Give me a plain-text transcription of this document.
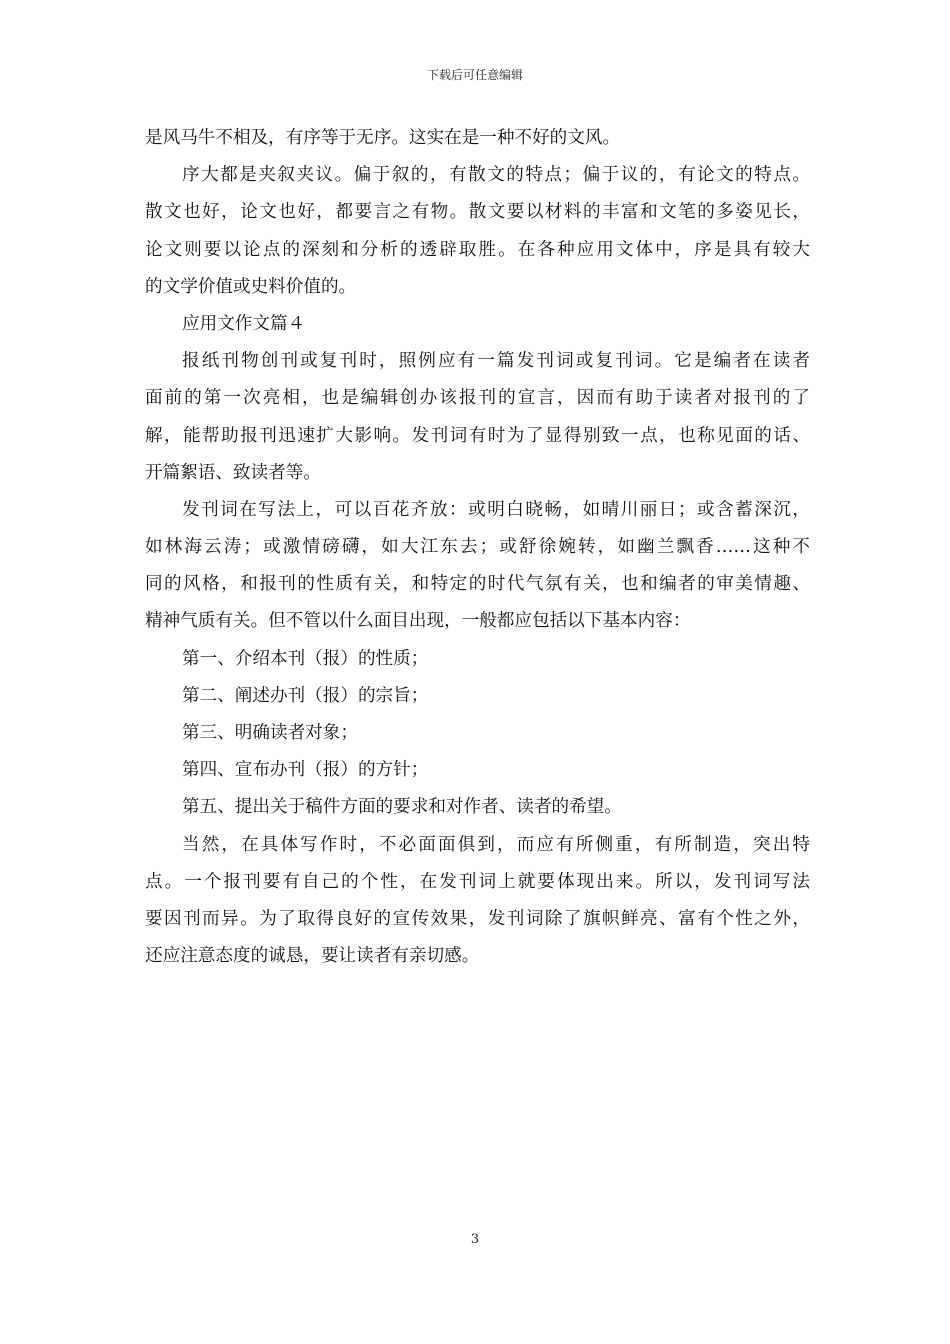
下载后可任意编辑
是风马牛不相及，有序等于无序。这实在是一种不好的文风。
序大都是夹叙夹议。偏于叙的，有散文的特点；偏于议的，有论文的特点。
散文也好，论文也好，都要言之有物。散文要以材料的丰富和文笔的多姿见长，
论文则要以论点的深刻和分析的透辟取胜。在各种应用文体中，序是具有较大
的文学价值或史料价值的。
应用文作文篇４
报纸刊物创刊或复刊时，照例应有一篇发刊词或复刊词。它是编者在读者
面前的第一次亮相，也是编辑创办该报刊的宣言，因而有助于读者对报刊的了
解，能帮助报刊迅速扩大影响。发刊词有时为了显得别致一点，也称见面的话、
开篇絮语、致读者等。
发刊词在写法上，可以百花齐放：或明白晓畅，如晴川丽日；或含蓄深沉，
如林海云涛；或激情磅礴，如大江东去；或舒徐婉转，如幽兰飘香……这种不
同的风格，和报刊的性质有关，和特定的时代气氛有关，也和编者的审美情趣、
精神气质有关。但不管以什么面目出现，一般都应包括以下基本内容：
第一、介绍本刊（报）的性质；
第二、阐述办刊（报）的宗旨；
第三、明确读者对象；
第四、宣布办刊（报）的方针；
第五、提出关于稿件方面的要求和对作者、读者的希望。
当然，在具体写作时，不必面面俱到，而应有所侧重，有所制造，突出特
点。一个报刊要有自己的个性，在发刊词上就要体现出来。所以，发刊词写法
要因刊而异。为了取得良好的宣传效果，发刊词除了旗帜鲜亮、富有个性之外，
还应注意态度的诚恳，要让读者有亲切感。
3
